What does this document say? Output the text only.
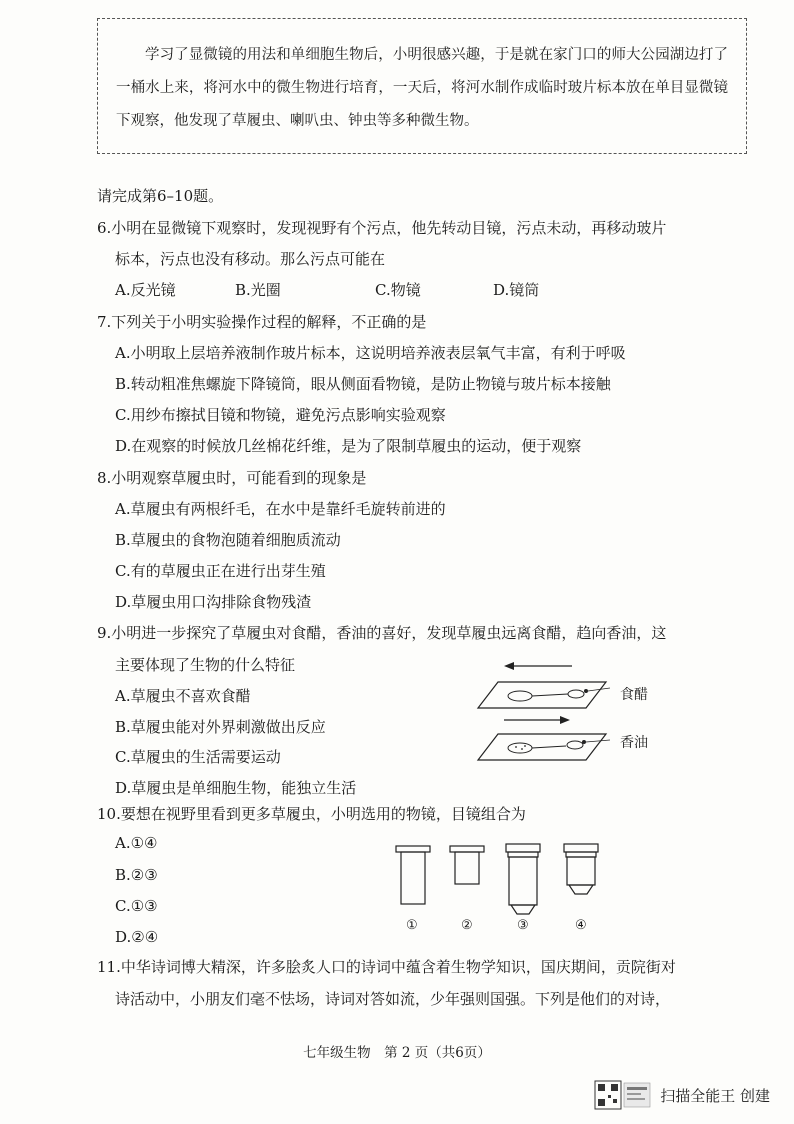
学习了显微镜的用法和单细胞生物后，小明很感兴趣，于是就在家门口的师大公园湖边打了一桶水上来，将河水中的微生物进行培育，一天后，将河水制作成临时玻片标本放在单目显微镜下观察，他发现了草履虫、喇叭虫、钟虫等多种微生物。

请完成第6–10题。
6.小明在显微镜下观察时，发现视野有个污点，他先转动目镜，污点未动，再移动玻片
标本，污点也没有移动。那么污点可能在
A.反光镜	B.光圈	C.物镜	D.镜筒
7.下列关于小明实验操作过程的解释，不正确的是
A.小明取上层培养液制作玻片标本，这说明培养液表层氧气丰富，有利于呼吸
B.转动粗准焦螺旋下降镜筒，眼从侧面看物镜，是防止物镜与玻片标本接触
C.用纱布擦拭目镜和物镜，避免污点影响实验观察
D.在观察的时候放几丝棉花纤维，是为了限制草履虫的运动，便于观察
8.小明观察草履虫时，可能看到的现象是
A.草履虫有两根纤毛，在水中是靠纤毛旋转前进的
B.草履虫的食物泡随着细胞质流动
C.有的草履虫正在进行出芽生殖
D.草履虫用口沟排除食物残渣
9.小明进一步探究了草履虫对食醋，香油的喜好，发现草履虫远离食醋，趋向香油，这
主要体现了生物的什么特征
A.草履虫不喜欢食醋
B.草履虫能对外界刺激做出反应
C.草履虫的生活需要运动
D.草履虫是单细胞生物，能独立生活
食醋
香油
10.要想在视野里看到更多草履虫，小明选用的物镜，目镜组合为
A.①④
B.②③
C.①③
D.②④
①	②	③	④
11.中华诗词博大精深，许多脍炙人口的诗词中蕴含着生物学知识，国庆期间，贡院街对
诗活动中，小朋友们毫不怯场，诗词对答如流，少年强则国强。下列是他们的对诗，
七年级生物　第 2 页（共6页）
扫描全能王 创建
